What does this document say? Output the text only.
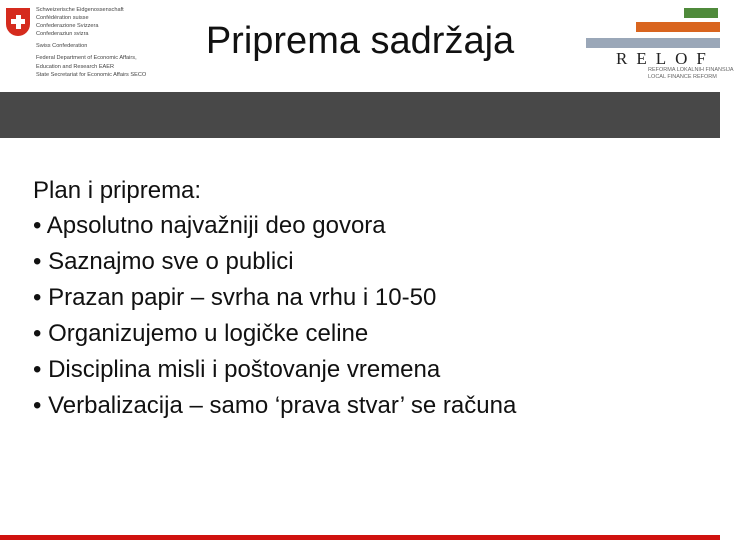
Schweizerische Eidgenossenschaft
Confédération suisse
Confederazione Svizzera
Confederaziun svizra
Swiss Confederation
Federal Department of Economic Affairs,
Education and Research EAER
State Secretariat for Economic Affairs SECO
Priprema sadržaja	RELOF
REFORMA LOKALNIH FINANSIJA
LOCAL FINANCE REFORM

Plan i priprema:

• Apsolutno najvažniji deo govora
• Saznajmo sve o publici
• Prazan papir – svrha na vrhu i 10-50
• Organizujemo u logičke celine
• Disciplina misli i poštovanje vremena
• Verbalizacija – samo ‘prava stvar’ se računa
